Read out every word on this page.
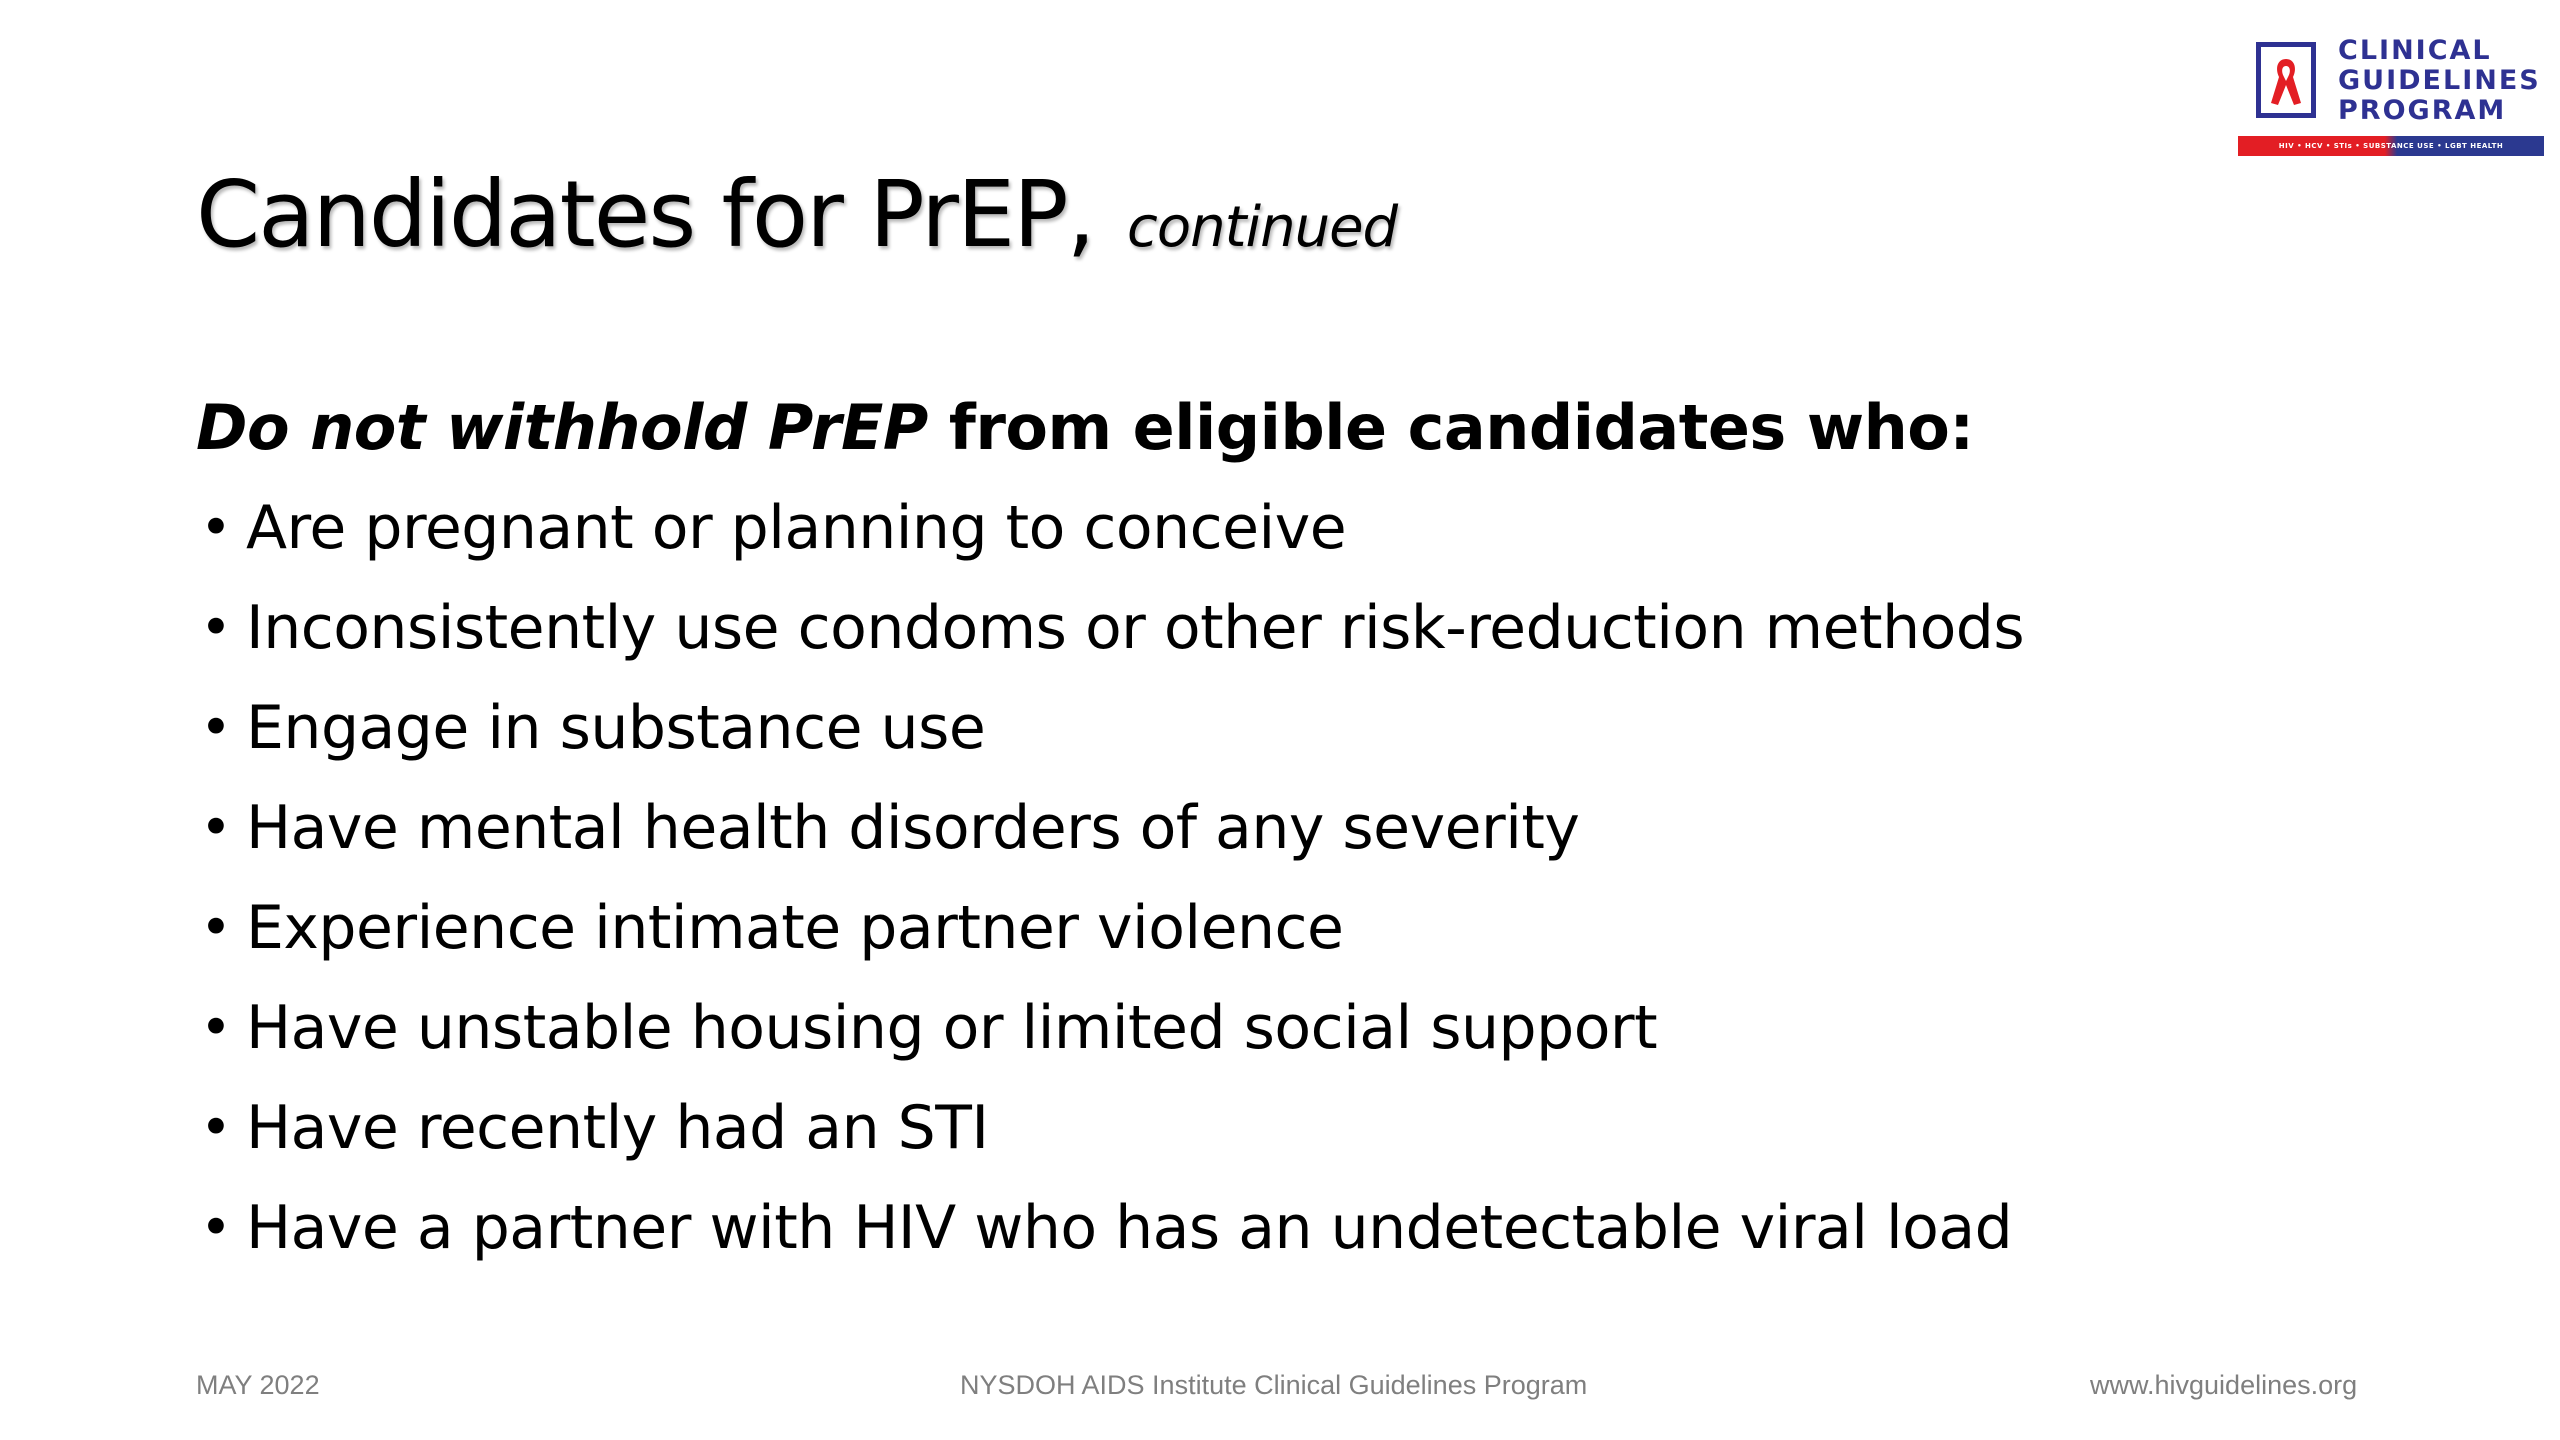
CLINICAL
GUIDELINES
PROGRAM
HIV • HCV • STIs • SUBSTANCE USE • LGBT HEALTH
Candidates for PrEP, continued
Do not withhold PrEP from eligible candidates who:
• Are pregnant or planning to conceive
• Inconsistently use condoms or other risk-reduction methods
• Engage in substance use
• Have mental health disorders of any severity
• Experience intimate partner violence
• Have unstable housing or limited social support
• Have recently had an STI
• Have a partner with HIV who has an undetectable viral load
MAY 2022	NYSDOH AIDS Institute Clinical Guidelines Program	www.hivguidelines.org
